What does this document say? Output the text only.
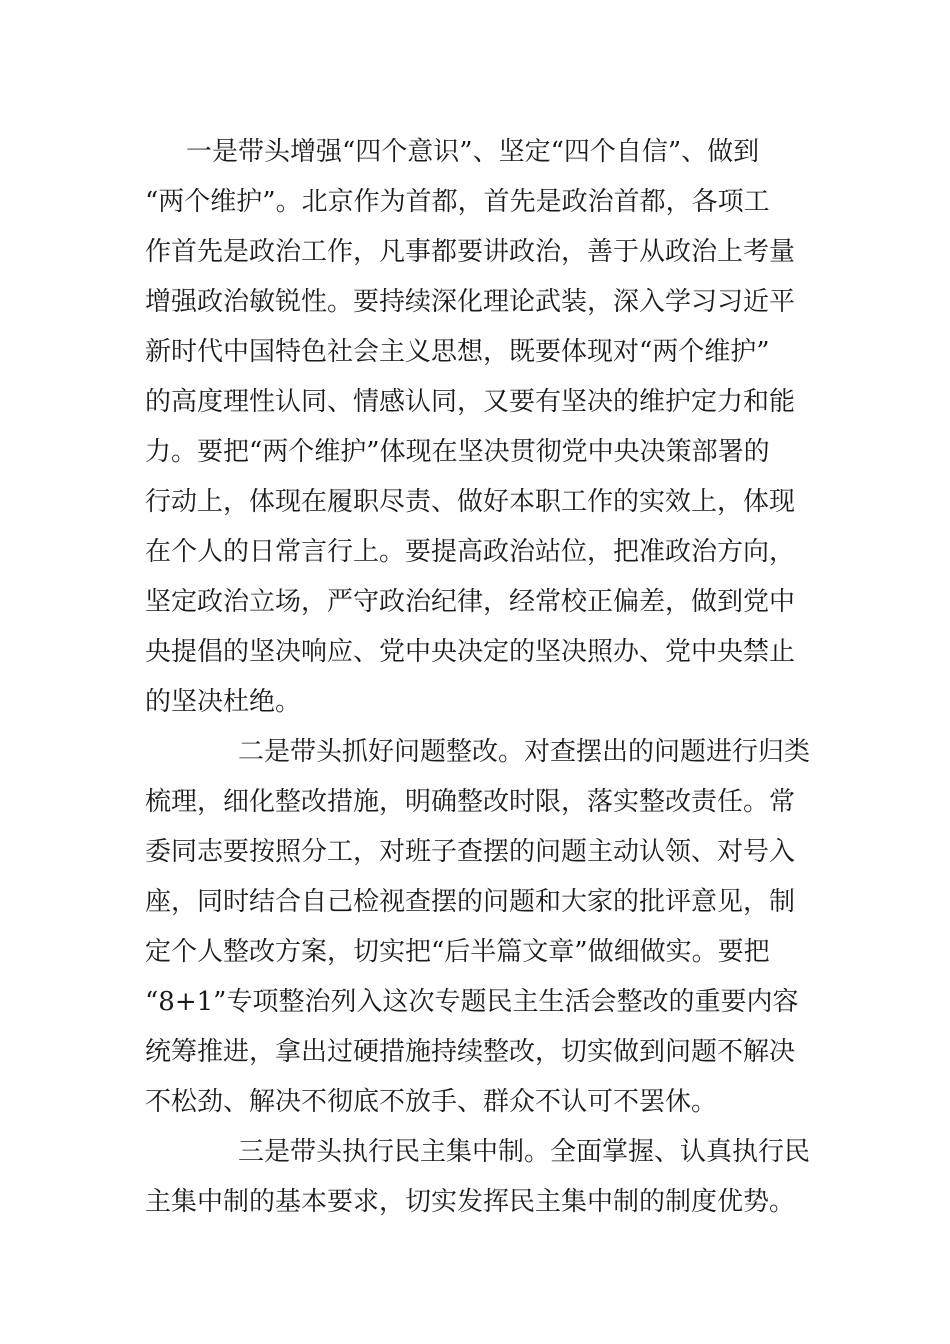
一是带头增强“四个意识”、坚定“四个自信”、做到
“两个维护”。北京作为首都，首先是政治首都，各项工
作首先是政治工作，凡事都要讲政治，善于从政治上考量
增强政治敏锐性。要持续深化理论武装，深入学习习近平
新时代中国特色社会主义思想，既要体现对“两个维护”
的高度理性认同、情感认同，又要有坚决的维护定力和能
力。要把“两个维护”体现在坚决贯彻党中央决策部署的
行动上，体现在履职尽责、做好本职工作的实效上，体现
在个人的日常言行上。要提高政治站位，把准政治方向，
坚定政治立场，严守政治纪律，经常校正偏差，做到党中
央提倡的坚决响应、党中央决定的坚决照办、党中央禁止
的坚决杜绝。
二是带头抓好问题整改。对查摆出的问题进行归类
梳理，细化整改措施，明确整改时限，落实整改责任。常
委同志要按照分工，对班子查摆的问题主动认领、对号入
座，同时结合自己检视查摆的问题和大家的批评意见，制
定个人整改方案，切实把“后半篇文章”做细做实。要把
“8+1”专项整治列入这次专题民主生活会整改的重要内容
统筹推进，拿出过硬措施持续整改，切实做到问题不解决
不松劲、解决不彻底不放手、群众不认可不罢休。
三是带头执行民主集中制。全面掌握、认真执行民
主集中制的基本要求，切实发挥民主集中制的制度优势。
